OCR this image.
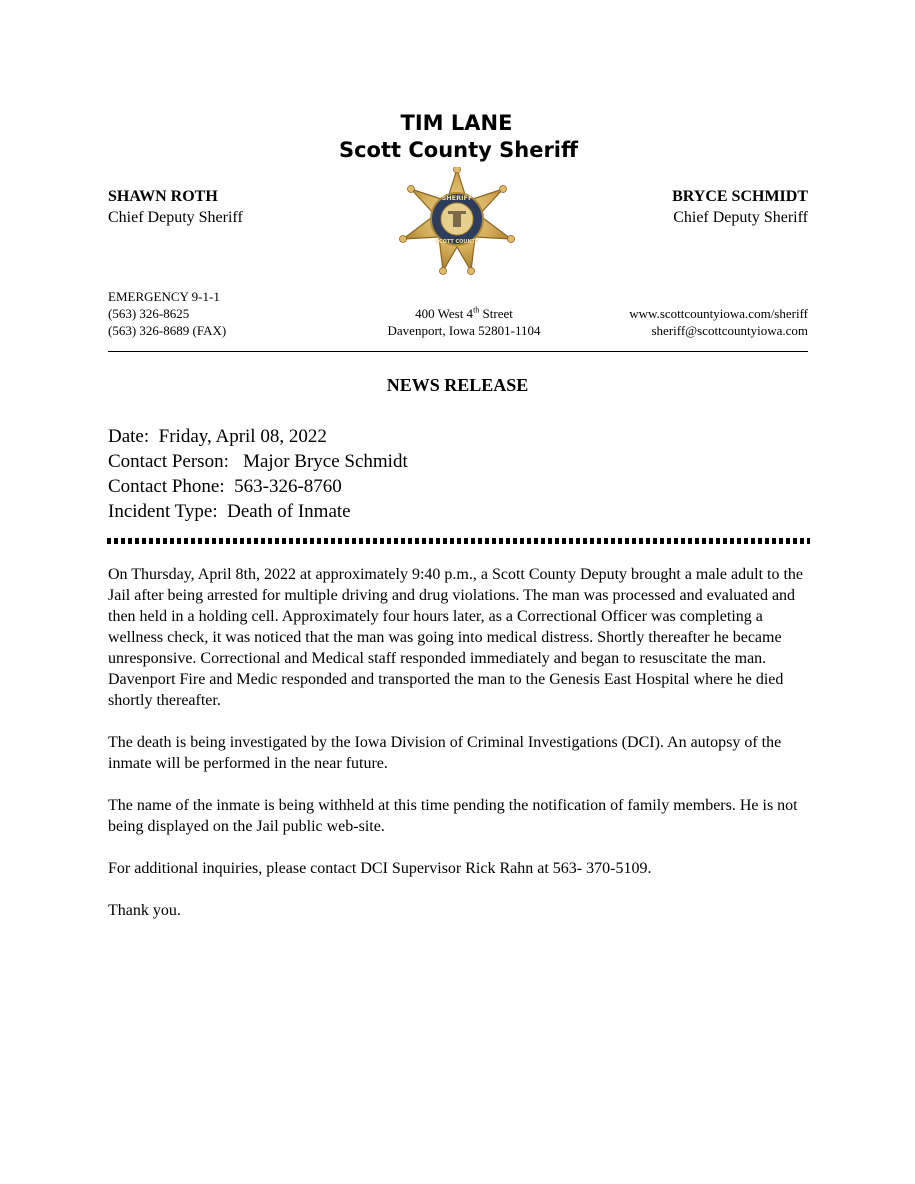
TIM LANE
Scott County Sheriff
SHAWN ROTH
Chief Deputy Sheriff
BRYCE SCHMIDT
Chief Deputy Sheriff
SHERIFF
SCOTT COUNTY
EMERGENCY 9-1-1
(563) 326-8625
(563) 326-8689 (FAX)
400 West 4th Street
Davenport, Iowa 52801-1104
www.scottcountyiowa.com/sheriff
sheriff@scottcountyiowa.com
NEWS RELEASE
Date:  Friday, April 08, 2022
Contact Person:   Major Bryce Schmidt
Contact Phone:  563-326-8760
Incident Type:  Death of Inmate

On Thursday, April 8th, 2022 at approximately 9:40 p.m., a Scott County Deputy brought a male adult to the Jail after being arrested for multiple driving and drug violations. The man was processed and evaluated and then held in a holding cell. Approximately four hours later, as a Correctional Officer was completing a wellness check, it was noticed that the man was going into medical distress. Shortly thereafter he became unresponsive. Correctional and Medical staff responded immediately and began to resuscitate the man. Davenport Fire and Medic responded and transported the man to the Genesis East Hospital where he died shortly thereafter.

The death is being investigated by the Iowa Division of Criminal Investigations (DCI). An autopsy of the inmate will be performed in the near future.

The name of the inmate is being withheld at this time pending the notification of family members. He is not being displayed on the Jail public web-site.

For additional inquiries, please contact DCI Supervisor Rick Rahn at 563- 370-5109.

Thank you.
